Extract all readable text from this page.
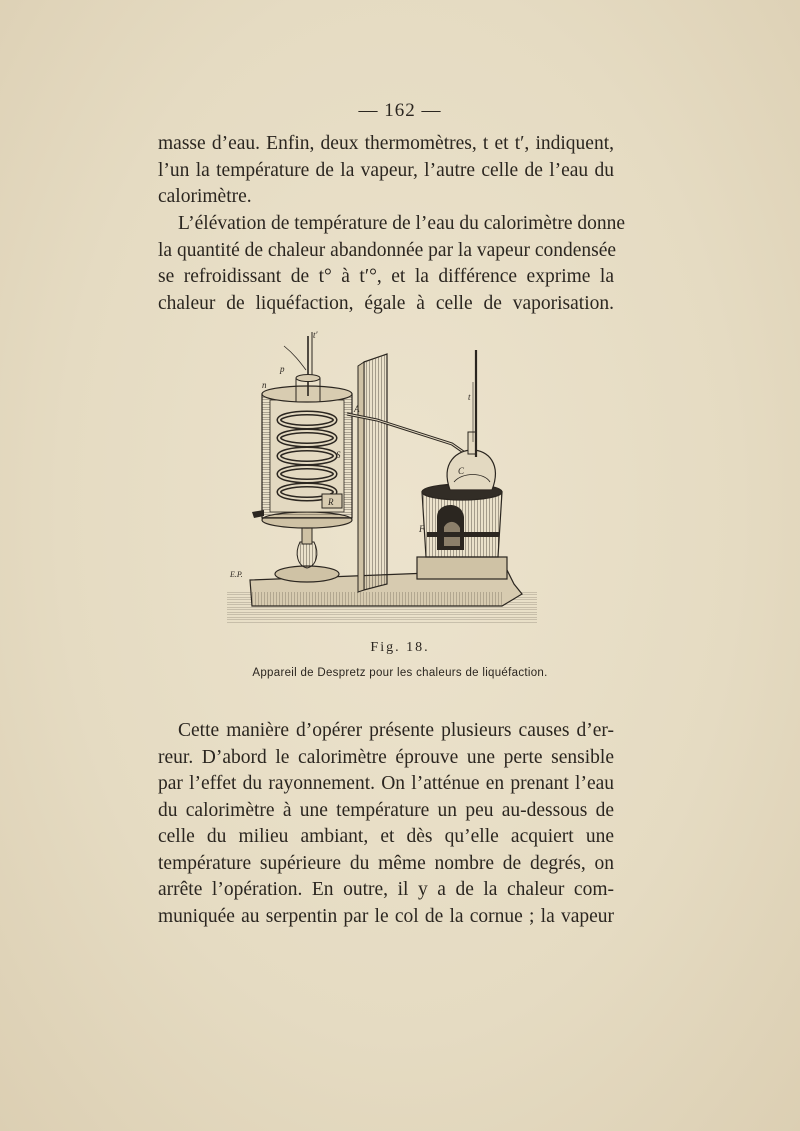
— 162 —
masse d’eau. Enfin, deux thermomètres, t et t′, indiquent,
l’un la température de la vapeur, l’autre celle de l’eau du
calorimètre.
L’élévation de température de l’eau du calorimètre donne
la quantité de chaleur abandonnée par la vapeur condensée
se refroidissant de t° à t′°, et la différence exprime la
chaleur de liquéfaction, égale à celle de vaporisation.
t′
p
n
A
S
R
t
C
F
E.P.
Fig. 18.
Appareil de Despretz pour les chaleurs de liquéfaction.
Cette manière d’opérer présente plusieurs causes d’er-
reur. D’abord le calorimètre éprouve une perte sensible
par l’effet du rayonnement. On l’atténue en prenant l’eau
du calorimètre à une température un peu au-dessous de
celle du milieu ambiant, et dès qu’elle acquiert une
température supérieure du même nombre de degrés, on
arrête l’opération. En outre, il y a de la chaleur com-
muniquée au serpentin par le col de la cornue ; la vapeur
